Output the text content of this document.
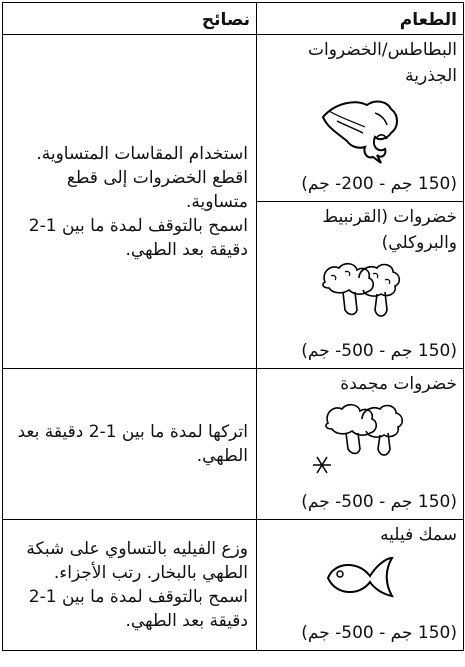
الطعام	نصائح

البطاطس/الخضروات الجذرية
(150 جم - 200- جم)	استخدام المقاسات المتساوية.
اقطع الخضروات إلى قطع متساوية.
اسمح بالتوقف لمدة ما بين 1-2 دقيقة بعد الطهي.

خضروات (القرنبيط والبروكلي)
(150 جم - 500- جم)	

خضروات مجمدة
(150 جم - 500- جم)	اتركها لمدة ما بين 1-2 دقيقة بعد الطهي.

سمك فيليه
(150 جم - 500- جم)	وزع الفيليه بالتساوي على شبكة الطهي بالبخار. رتب الأجزاء. اسمح بالتوقف لمدة ما بين 1-2 دقيقة بعد الطهي.
